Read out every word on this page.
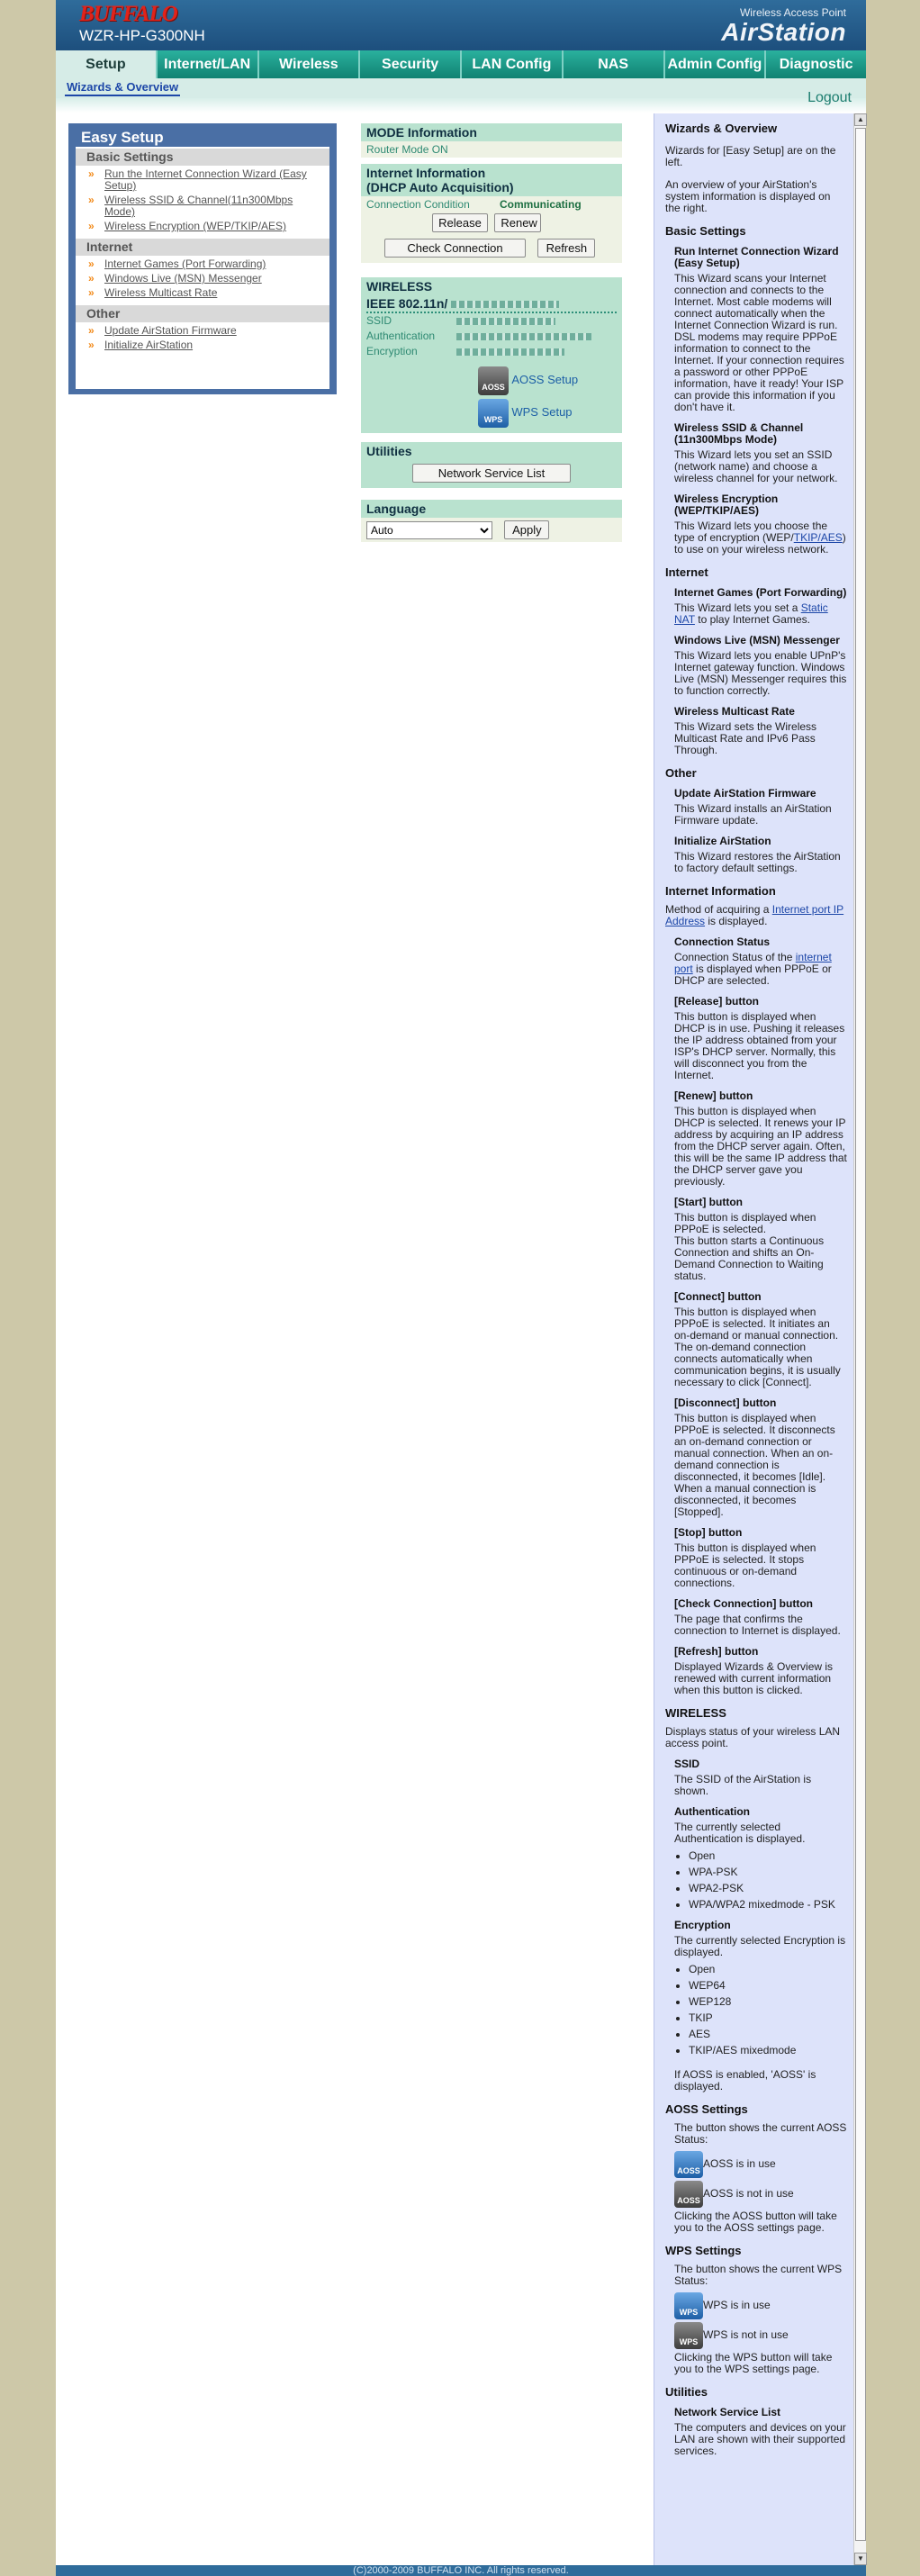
BUFFALO
WZR-HP-G300NH
Wireless Access Point
AirStation
Setup	Internet/LAN	Wireless	Security	LAN Config	NAS	Admin Config	Diagnostic
Wizards & Overview
Logout
Easy Setup
Basic Settings
» Run the Internet Connection Wizard (Easy Setup)
» Wireless SSID & Channel(11n300Mbps Mode)
» Wireless Encryption (WEP/TKIP/AES)
Internet
» Internet Games (Port Forwarding)
» Windows Live (MSN) Messenger
» Wireless Multicast Rate
Other
» Update AirStation Firmware
» Initialize AirStation
MODE Information
Router Mode ON
Internet Information
(DHCP Auto Acquisition)
Connection Condition	Communicating
Release Renew
Check Connection	Refresh
WIRELESS
IEEE 802.11n/
SSID
Authentication
Encryption
AOSS AOSS Setup
WPS WPS Setup
Utilities
Network Service List
Language
Auto Apply
Wizards & Overview

Wizards for [Easy Setup] are on the left.

An overview of your AirStation's system information is displayed on the right.

Basic Settings
Run Internet Connection Wizard (Easy Setup)

This Wizard scans your Internet connection and connects to the Internet. Most cable modems will connect automatically when the Internet Connection Wizard is run. DSL modems may require PPPoE information to connect to the Internet. If your connection requires a password or other PPPoE information, have it ready! Your ISP can provide this information if you don't have it.

Wireless SSID & Channel (11n300Mbps Mode)

This Wizard lets you set an SSID (network name) and choose a wireless channel for your network.

Wireless Encryption (WEP/TKIP/AES)

This Wizard lets you choose the type of encryption (WEP/TKIP/AES) to use on your wireless network.

Internet
Internet Games (Port Forwarding)

This Wizard lets you set a Static NAT to play Internet Games.

Windows Live (MSN) Messenger

This Wizard lets you enable UPnP's Internet gateway function. Windows Live (MSN) Messenger requires this to function correctly.

Wireless Multicast Rate

This Wizard sets the Wireless Multicast Rate and IPv6 Pass Through.

Other
Update AirStation Firmware

This Wizard installs an AirStation Firmware update.

Initialize AirStation

This Wizard restores the AirStation to factory default settings.

Internet Information

Method of acquiring a Internet port IP Address is displayed.

Connection Status

Connection Status of the internet port is displayed when PPPoE or DHCP are selected.

[Release] button

This button is displayed when DHCP is in use. Pushing it releases the IP address obtained from your ISP's DHCP server. Normally, this will disconnect you from the Internet.

[Renew] button

This button is displayed when DHCP is selected. It renews your IP address by acquiring an IP address from the DHCP server again. Often, this will be the same IP address that the DHCP server gave you previously.

[Start] button

This button is displayed when PPPoE is selected.

This button starts a Continuous Connection and shifts an On-Demand Connection to Waiting status.

[Connect] button

This button is displayed when PPPoE is selected. It initiates an on-demand or manual connection. The on-demand connection connects automatically when communication begins, it is usually necessary to click [Connect].

[Disconnect] button

This button is displayed when PPPoE is selected. It disconnects an on-demand connection or manual connection. When an on-demand connection is disconnected, it becomes [Idle]. When a manual connection is disconnected, it becomes [Stopped].

[Stop] button

This button is displayed when PPPoE is selected. It stops continuous or on-demand connections.

[Check Connection] button

The page that confirms the connection to Internet is displayed.

[Refresh] button

Displayed Wizards & Overview is renewed with current information when this button is clicked.

WIRELESS

Displays status of your wireless LAN access point.

SSID

The SSID of the AirStation is shown.

Authentication

The currently selected Authentication is displayed.

• Open
• WPA-PSK
• WPA2-PSK
• WPA/WPA2 mixedmode - PSK
Encryption

The currently selected Encryption is displayed.

• Open
• WEP64
• WEP128
• TKIP
• AES
• TKIP/AES mixedmode

If AOSS is enabled, 'AOSS' is displayed.

AOSS Settings

The button shows the current AOSS Status:

AOSSAOSS is in use
AOSSAOSS is not in use

Clicking the AOSS button will take you to the AOSS settings page.

WPS Settings

The button shows the current WPS Status:

WPSWPS is in use
WPSWPS is not in use

Clicking the WPS button will take you to the WPS settings page.

Utilities
Network Service List

The computers and devices on your LAN are shown with their supported services.

▲
▼
(C)2000-2009 BUFFALO INC. All rights reserved.
